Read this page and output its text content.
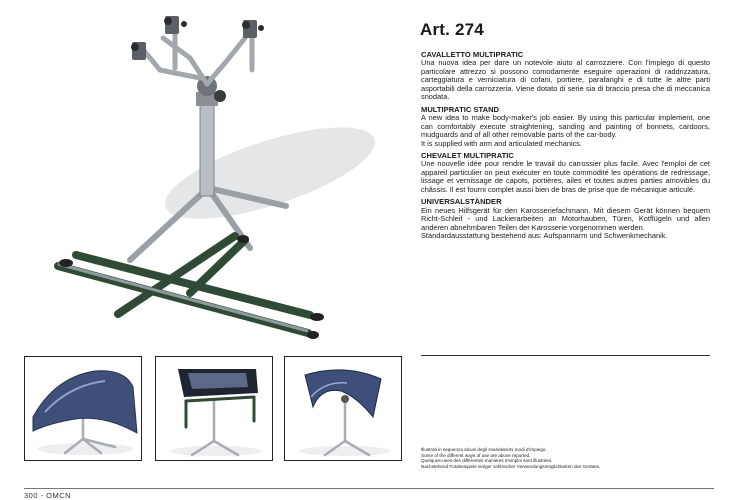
Art. 274

CAVALLETTO MULTIPRATIC

Una nuova idea per dare un notevole aiuto al carrozziere. Con l'impiego di questo particolare attrezzo si possono comodamente eseguire operazioni di raddrizzatura, carteggiatura e verniciatura di cofani, portiere, parafanghi e di tutte le altre parti asportabili della carrozzeria. Viene dotato di serie sia di braccio presa che di meccanica snodata.

MULTIPRATIC STAND

A new idea to make body-maker's job easier. By using this particular implement, one can comfortably execute straightening, sanding and painting of bonnets, cardoors, mudguards and of all other removable parts of the car-body.

It is supplied with arm and articulated mechanics.

CHEVALET MULTIPRATIC

Une nouvelle idée pour rendre le travail du carrossier plus facile. Avec l'emploi de cet appareil particulier on peut exécuter en toute commodité les opérations de redressage, lissage et vernissage de capots, portières, ailes et toutes autres parties amovibles du châssis. Il est fourni complet aussi bien de bras de prise que de mécanique articulé.

UNIVERSALSTÄNDER

Ein neues Hilfsgerät für den Karosseriefachmann. Mit diesem Gerät können bequem Richt-Schleif - und Lackierarbeiten an Motorhauben, Türen, Kotflügeln und allen anderen abnehmbaren Teilen der Karosserie vorgenommen werden.

Standardausstattung bestehend aus: Aufspannarm und Schwenkmechanik.

Illustrati in sequenza alcuni degli svariatissimi modi d'impiego.

Some of the different ways of use are above reported.

Quelques-unes des différentes manières d'emploi sont illustrées.

Nachstehend Fotobeispiele einiger zahlreicher Verwendungsmöglichkeiten des Gerätes.

300 - OMCN
